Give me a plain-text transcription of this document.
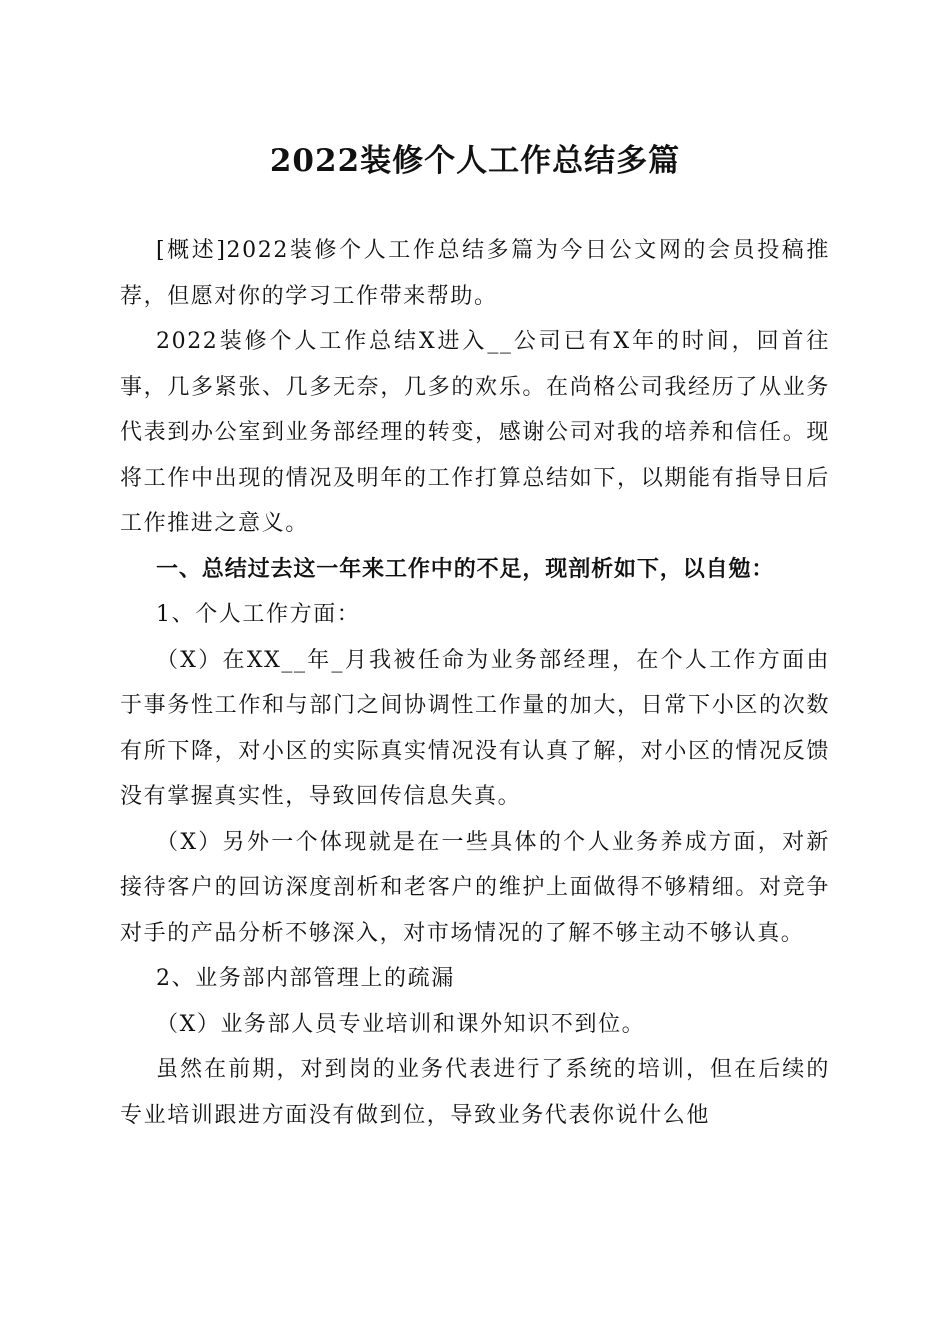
2022装修个人工作总结多篇

[概述]2022装修个人工作总结多篇为今日公文网的会员投稿推荐，但愿对你的学习工作带来帮助。

2022装修个人工作总结X进入__公司已有X年的时间，回首往事，几多紧张、几多无奈，几多的欢乐。在尚格公司我经历了从业务代表到办公室到业务部经理的转变，感谢公司对我的培养和信任。现将工作中出现的情况及明年的工作打算总结如下，以期能有指导日后工作推进之意义。

一、总结过去这一年来工作中的不足，现剖析如下，以自勉：

1、个人工作方面：

（X）在XX__年_月我被任命为业务部经理，在个人工作方面由于事务性工作和与部门之间协调性工作量的加大，日常下小区的次数有所下降，对小区的实际真实情况没有认真了解，对小区的情况反馈没有掌握真实性，导致回传信息失真。

（X）另外一个体现就是在一些具体的个人业务养成方面，对新接待客户的回访深度剖析和老客户的维护上面做得不够精细。对竞争对手的产品分析不够深入，对市场情况的了解不够主动不够认真。

2、业务部内部管理上的疏漏

（X）业务部人员专业培训和课外知识不到位。

虽然在前期，对到岗的业务代表进行了系统的培训，但在后续的专业培训跟进方面没有做到位，导致业务代表你说什么他
